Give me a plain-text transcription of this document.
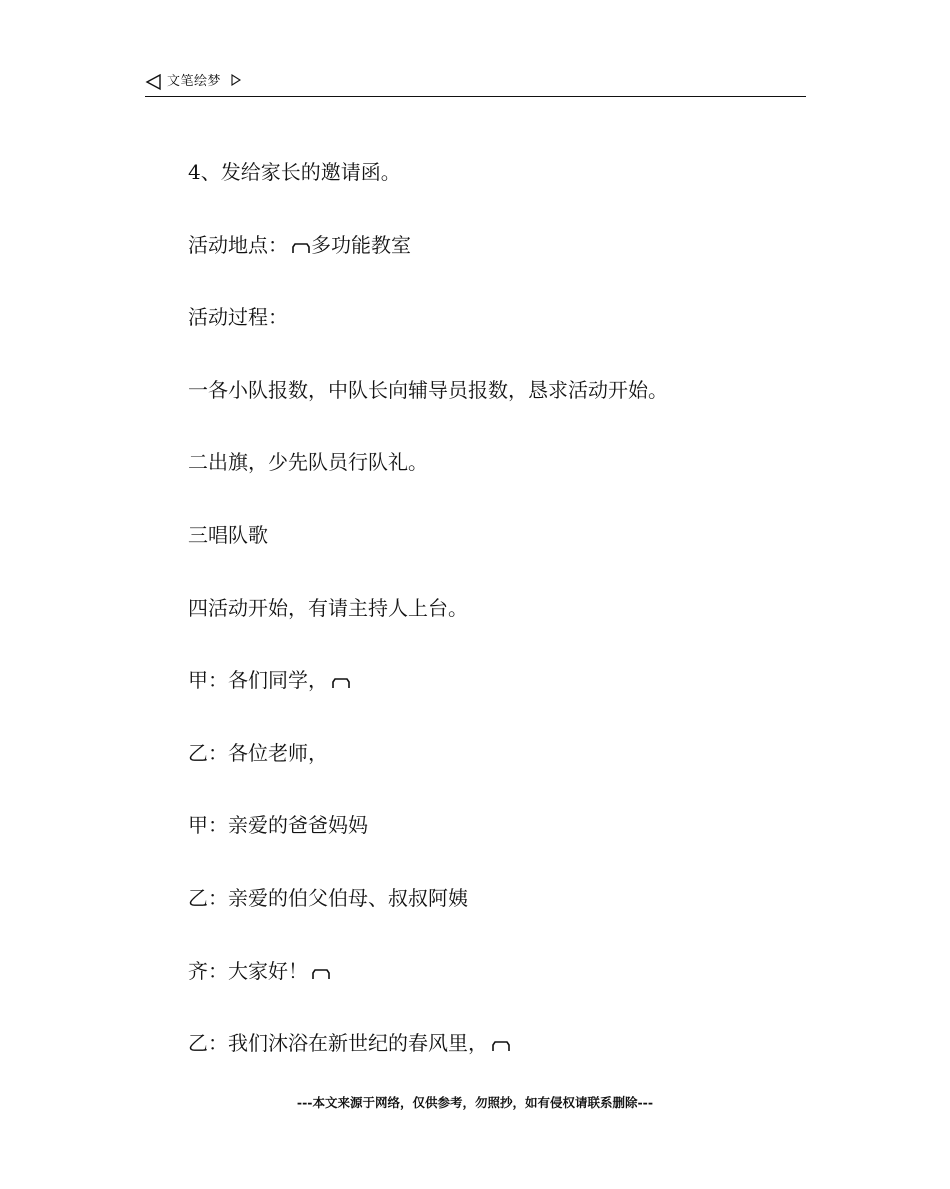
文笔绘梦
4、发给家长的邀请函。
活动地点： 多功能教室
活动过程：
一各小队报数，中队长向辅导员报数，恳求活动开始。
二出旗，少先队员行队礼。
三唱队歌
四活动开始，有请主持人上台。
甲：各们同学，
乙：各位老师，
甲：亲爱的爸爸妈妈
乙：亲爱的伯父伯母、叔叔阿姨
齐：大家好！
乙：我们沐浴在新世纪的春风里，
---本文来源于网络，仅供参考，勿照抄，如有侵权请联系删除---
